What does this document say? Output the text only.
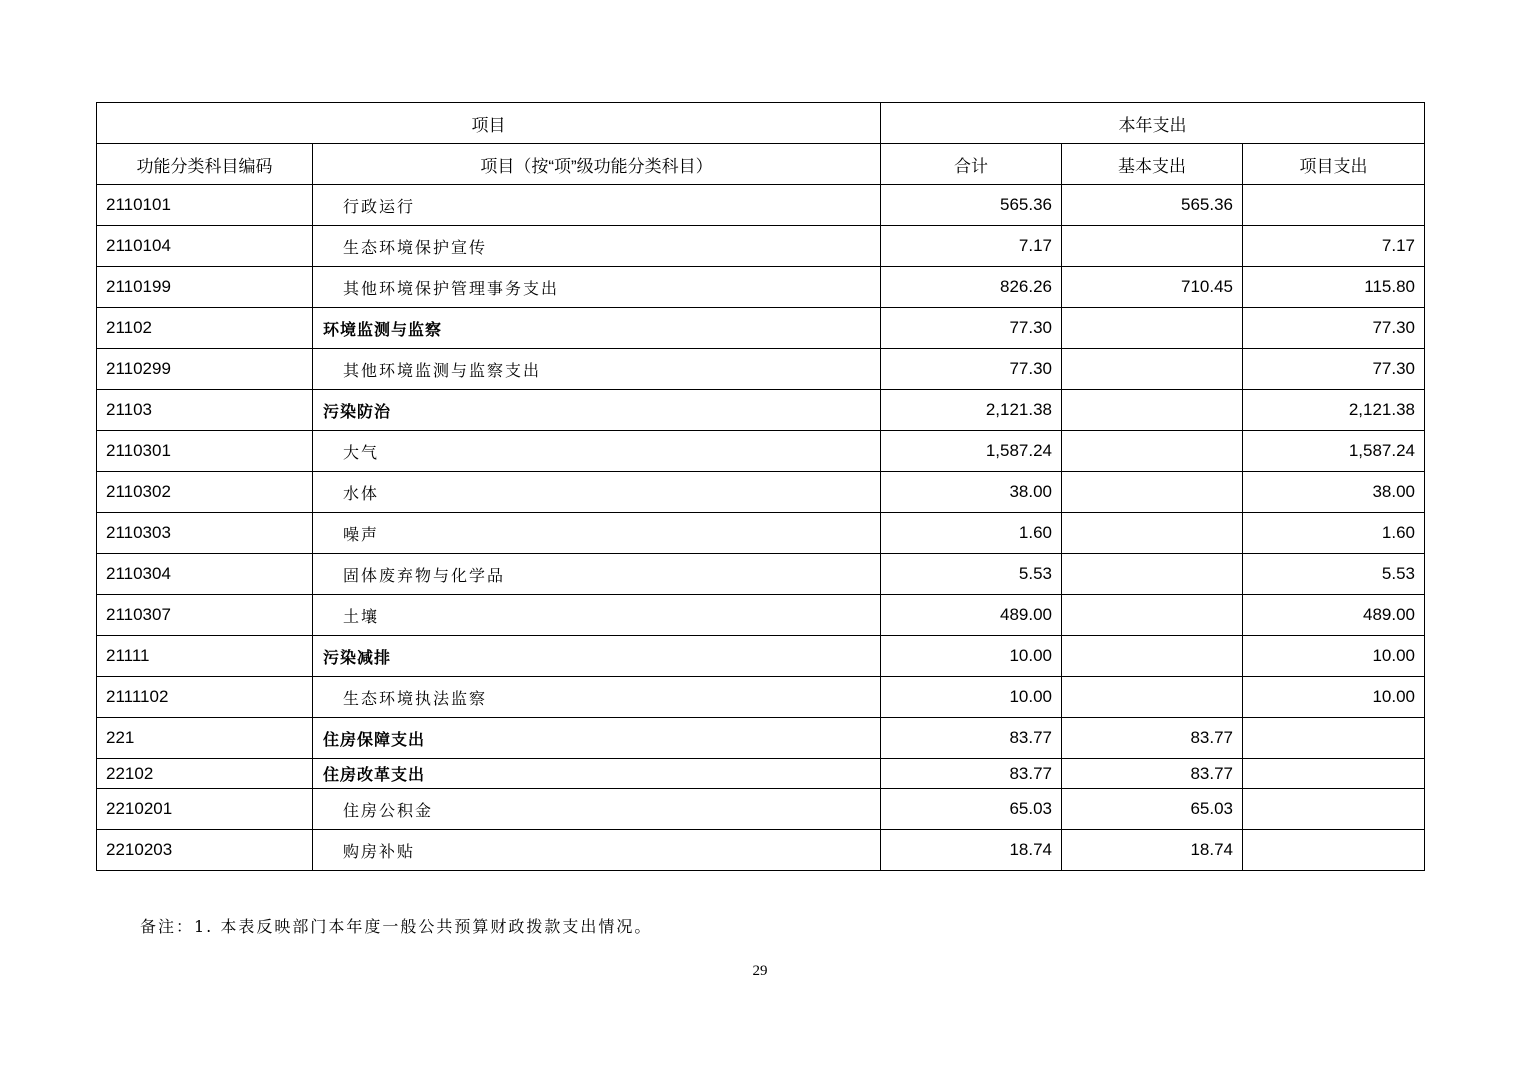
项目		本年支出		
功能分类科目编码	项目（按“项”级功能分类科目）	合计	基本支出	项目支出
2110101	行政运行	565.36	565.36	
2110104	生态环境保护宣传	7.17		7.17
2110199	其他环境保护管理事务支出	826.26	710.45	115.80
21102	环境监测与监察	77.30		77.30
2110299	其他环境监测与监察支出	77.30		77.30
21103	污染防治	2,121.38		2,121.38
2110301	大气	1,587.24		1,587.24
2110302	水体	38.00		38.00
2110303	噪声	1.60		1.60
2110304	固体废弃物与化学品	5.53		5.53
2110307	土壤	489.00		489.00
21111	污染减排	10.00		10.00
2111102	生态环境执法监察	10.00		10.00
221	住房保障支出	83.77	83.77	
22102	住房改革支出	83.77	83.77	
2210201	住房公积金	65.03	65.03	
2210203	购房补贴	18.74	18.74	
备注：1. 本表反映部门本年度一般公共预算财政拨款支出情况。
29
